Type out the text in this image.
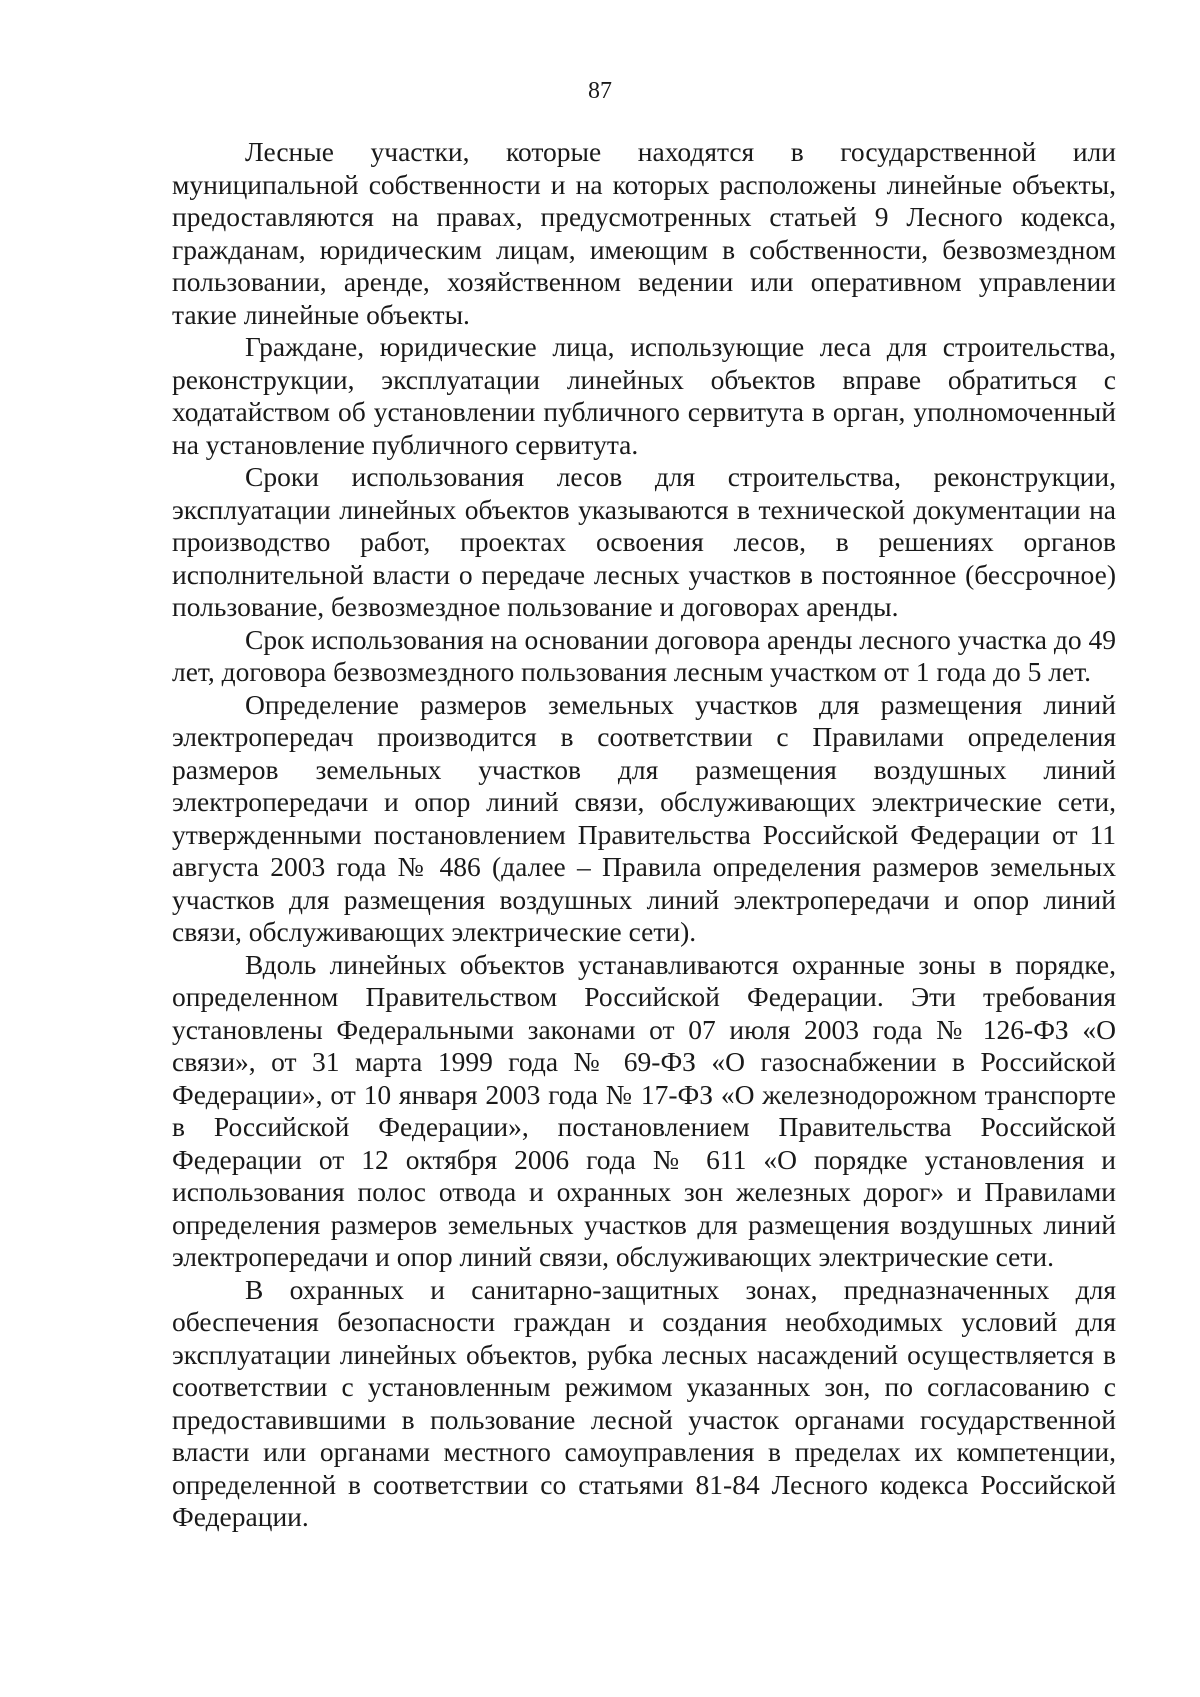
87

Лесные участки, которые находятся в государственной или муниципальной собственности и на которых расположены линейные объекты, предоставляются на правах, предусмотренных статьей 9 Лесного кодекса, гражданам, юридическим лицам, имеющим в собственности, безвозмездном пользовании, аренде, хозяйственном ведении или оперативном управлении такие линейные объекты.

Граждане, юридические лица, использующие леса для строительства, реконструкции, эксплуатации линейных объектов вправе обратиться с ходатайством об установлении публичного сервитута в орган, уполномоченный на установление публичного сервитута.

Сроки использования лесов для строительства, реконструкции, эксплуатации линейных объектов указываются в технической документации на производство работ, проектах освоения лесов, в решениях органов исполнительной власти о передаче лесных участков в постоянное (бессрочное) пользование, безвозмездное пользование и договорах аренды.

Срок использования на основании договора аренды лесного участка до 49 лет, договора безвозмездного пользования лесным участком от 1 года до 5 лет.

Определение размеров земельных участков для размещения линий электропередач производится в соответствии с Правилами определения размеров земельных участков для размещения воздушных линий электропередачи и опор линий связи, обслуживающих электрические сети, утвержденными постановлением Правительства Российской Федерации от 11 августа 2003 года № 486 (далее – Правила определения размеров земельных участков для размещения воздушных линий электропередачи и опор линий связи, обслуживающих электрические сети).

Вдоль линейных объектов устанавливаются охранные зоны в порядке, определенном Правительством Российской Федерации. Эти требования установлены Федеральными законами от 07 июля 2003 года № 126-ФЗ «О связи», от 31 марта 1999 года № 69-ФЗ «О газоснабжении в Российской Федерации», от 10 января 2003 года № 17-ФЗ «О железнодорожном транспорте в Российской Федерации», постановлением Правительства Российской Федерации от 12 октября 2006 года № 611 «О порядке установления и использования полос отвода и охранных зон железных дорог» и Правилами определения размеров земельных участков для размещения воздушных линий электропередачи и опор линий связи, обслуживающих электрические сети.

В охранных и санитарно-защитных зонах, предназначенных для обеспечения безопасности граждан и создания необходимых условий для эксплуатации линейных объектов, рубка лесных насаждений осуществляется в соответствии с установленным режимом указанных зон, по согласованию с предоставившими в пользование лесной участок органами государственной власти или органами местного самоуправления в пределах их компетенции, определенной в соответствии со статьями 81-84 Лесного кодекса Российской Федерации.
